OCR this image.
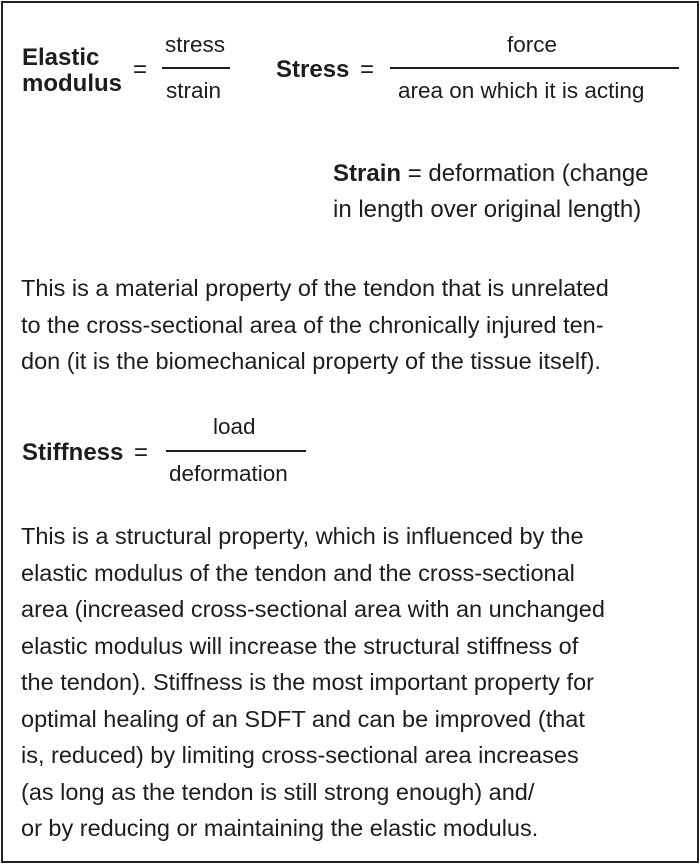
Elastic
modulus
=
stress
strain
Stress =
force
area on which it is acting
Strain = deformation (change
in length over original length)
This is a material property of the tendon that is unrelated
to the cross-sectional area of the chronically injured ten-
don (it is the biomechanical property of the tissue itself).
Stiffness =
load
deformation
This is a structural property, which is influenced by the
elastic modulus of the tendon and the cross-sectional
area (increased cross-sectional area with an unchanged
elastic modulus will increase the structural stiffness of
the tendon). Stiffness is the most important property for
optimal healing of an SDFT and can be improved (that
is, reduced) by limiting cross-sectional area increases
(as long as the tendon is still strong enough) and/
or by reducing or maintaining the elastic modulus.
